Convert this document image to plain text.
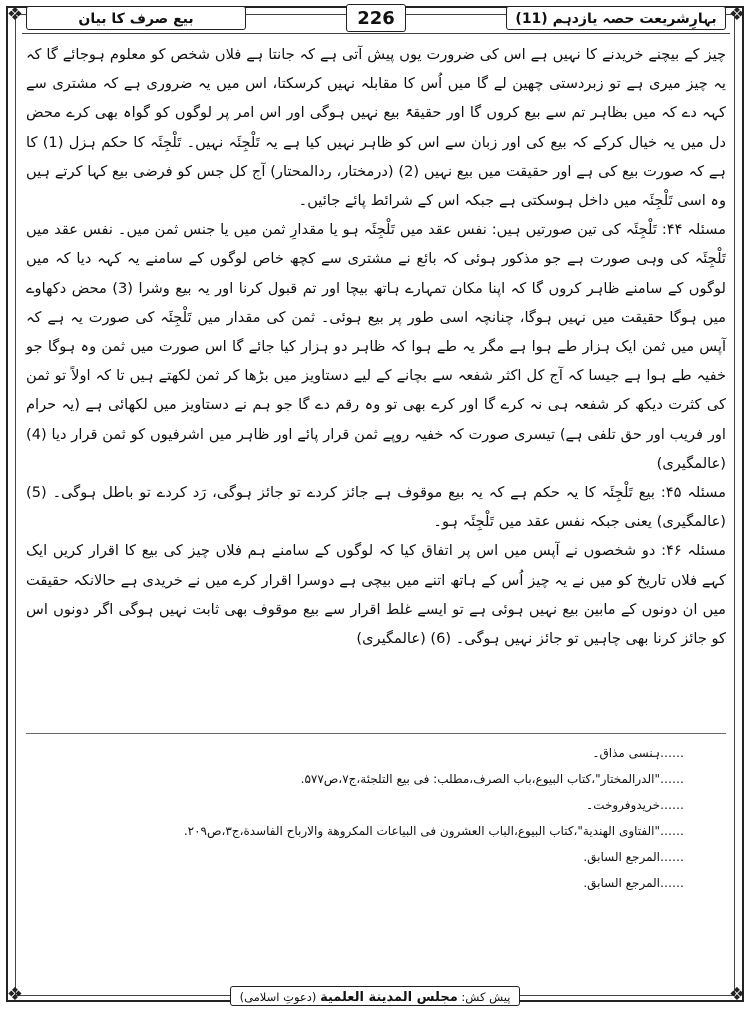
❖	❖
❖	❖
بہارِشریعت حصہ یازدہم (11)
226
بیع صرف کا بیان

چیز کے بیچنے خریدنے کا نہیں ہے اس کی ضرورت یوں پیش آتی ہے کہ جانتا ہے فلاں شخص کو معلوم ہوجائے گا کہ یہ چیز میری ہے تو زبردستی چھین لے گا میں اُس کا مقابلہ نہیں کرسکتا، اس میں یہ ضروری ہے کہ مشتری سے کہہ دے کہ میں بظاہر تم سے بیع کروں گا اور حقیقۃً بیع نہیں ہوگی اور اس امر پر لوگوں کو گواہ بھی کرے محض دل میں یہ خیال کرکے کہ بیع کی اور زبان سے اس کو ظاہر نہیں کیا ہے یہ تَلْجِئَہ نہیں۔ تَلْجِئَہ کا حکم ہزل (1) کا ہے کہ صورت بیع کی ہے اور حقیقت میں بیع نہیں (2) (درمختار، ردالمحتار) آج کل جس کو فرضی بیع کہا کرتے ہیں وہ اسی تَلْجِئَہ میں داخل ہوسکتی ہے جبکہ اس کے شرائط پائے جائیں۔

مسئلہ ۴۴: تَلْجِئَہ کی تین صورتیں ہیں: نفس عقد میں تَلْجِئَہ ہو یا مقدارِ ثمن میں یا جنس ثمن میں۔ نفس عقد میں تَلْجِئَہ کی وہی صورت ہے جو مذکور ہوئی کہ بائع نے مشتری سے کچھ خاص لوگوں کے سامنے یہ کہہ دیا کہ میں لوگوں کے سامنے ظاہر کروں گا کہ اپنا مکان تمہارے ہاتھ بیچا اور تم قبول کرنا اور یہ بیع وشرا (3) محض دکھاوے میں ہوگا حقیقت میں نہیں ہوگا، چنانچہ اسی طور پر بیع ہوئی۔ ثمن کی مقدار میں تَلْجِئَہ کی صورت یہ ہے کہ آپس میں ثمن ایک ہزار طے ہوا ہے مگر یہ طے ہوا کہ ظاہر دو ہزار کیا جائے گا اس صورت میں ثمن وہ ہوگا جو خفیہ طے ہوا ہے جیسا کہ آج کل اکثر شفعہ سے بچانے کے لیے دستاویز میں بڑھا کر ثمن لکھتے ہیں تا کہ اولاً تو ثمن کی کثرت دیکھ کر شفعہ ہی نہ کرے گا اور کرے بھی تو وہ رقم دے گا جو ہم نے دستاویز میں لکھائی ہے (یہ حرام اور فریب اور حق تلفی ہے) تیسری صورت کہ خفیہ روپے ثمن قرار پائے اور ظاہر میں اشرفیوں کو ثمن قرار دیا (4) (عالمگیری)

مسئلہ ۴۵: بیع تَلْجِئَہ کا یہ حکم ہے کہ یہ بیع موقوف ہے جائز کردے تو جائز ہوگی، رَد کردے تو باطل ہوگی۔ (5) (عالمگیری) یعنی جبکہ نفس عقد میں تَلْجِئَہ ہو۔

مسئلہ ۴۶: دو شخصوں نے آپس میں اس پر اتفاق کیا کہ لوگوں کے سامنے ہم فلاں چیز کی بیع کا اقرار کریں ایک کہے فلاں تاریخ کو میں نے یہ چیز اُس کے ہاتھ اتنے میں بیچی ہے دوسرا اقرار کرے میں نے خریدی ہے حالانکہ حقیقت میں ان دونوں کے مابین بیع نہیں ہوئی ہے تو ایسے غلط اقرار سے بیع موقوف بھی ثابت نہیں ہوگی اگر دونوں اس کو جائز کرنا بھی چاہیں تو جائز نہیں ہوگی۔ (6) (عالمگیری)

……ہنسی مذاق۔
……"الدرالمختار"،کتاب البیوع،باب الصرف،مطلب: فی بیع التلجئة،ج۷،ص۵۷۷.
……خریدوفروخت۔
……"الفتاوی الهندیة"،کتاب البیوع،الباب العشرون فی البیاعات المکروهة والارباح الفاسدة،ج۳،ص۲۰۹.
……المرجع السابق.
……المرجع السابق.
پیش کش: مجلس المدینة العلمیة (دعوتِ اسلامی)
